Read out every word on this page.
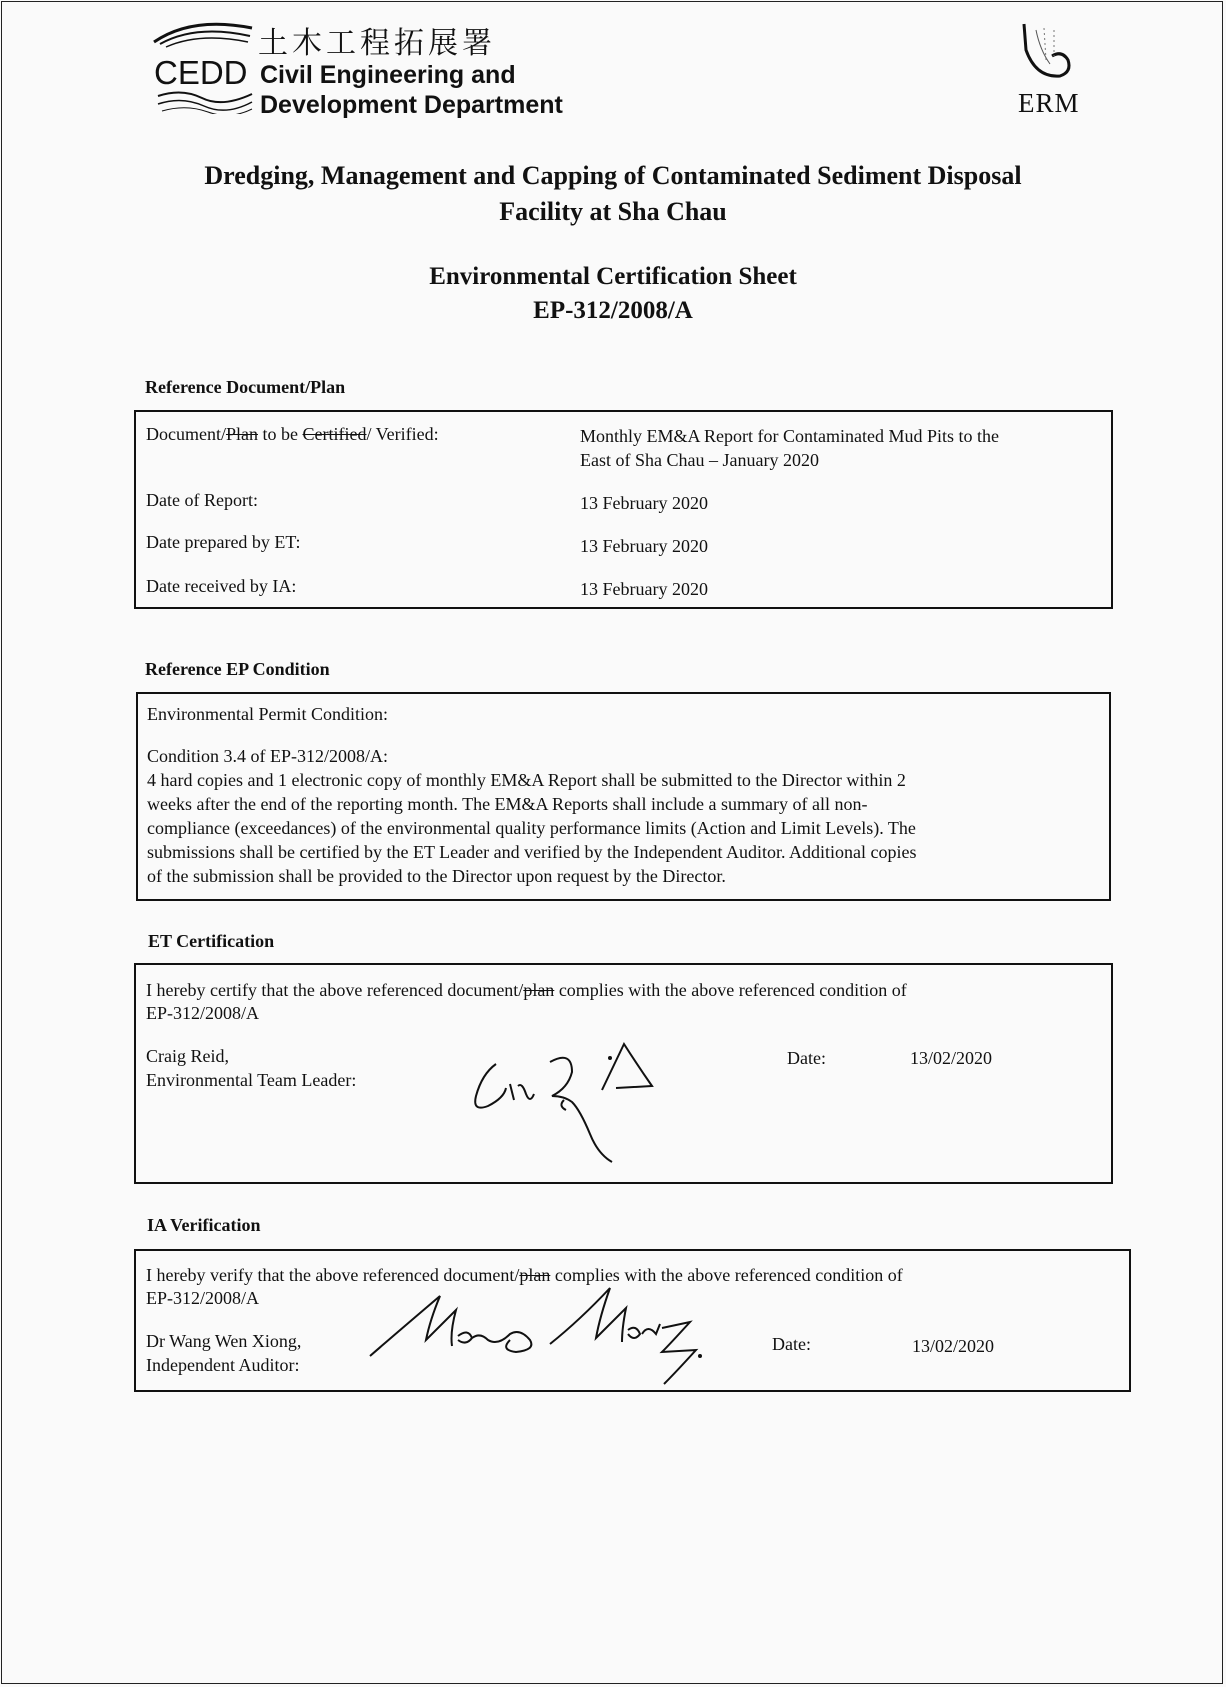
CEDD
土木工程拓展署
Civil Engineering and
Development Department	ERM
Dredging, Management and Capping of Contaminated Sediment Disposal
Facility at Sha Chau
Environmental Certification Sheet
EP-312/2008/A
Reference Document/Plan
Document/Plan to be Certified/ Verified:	Monthly EM&A Report for Contaminated Mud Pits to the
East of Sha Chau – January 2020
Date of Report:	13 February 2020
Date prepared by ET:	13 February 2020
Date received by IA:	13 February 2020
Reference EP Condition
Environmental Permit Condition:
Condition 3.4 of EP-312/2008/A:
4 hard copies and 1 electronic copy of monthly EM&A Report shall be submitted to the Director within 2
weeks after the end of the reporting month. The EM&A Reports shall include a summary of all non-
compliance (exceedances) of the environmental quality performance limits (Action and Limit Levels). The
submissions shall be certified by the ET Leader and verified by the Independent Auditor. Additional copies
of the submission shall be provided to the Director upon request by the Director.
ET Certification
I hereby certify that the above referenced document/plan complies with the above referenced condition of
EP-312/2008/A
Craig Reid,
Environmental Team Leader:
Date:	13/02/2020
IA Verification
I hereby verify that the above referenced document/plan complies with the above referenced condition of
EP-312/2008/A
Dr Wang Wen Xiong,
Independent Auditor:
Date:	13/02/2020
